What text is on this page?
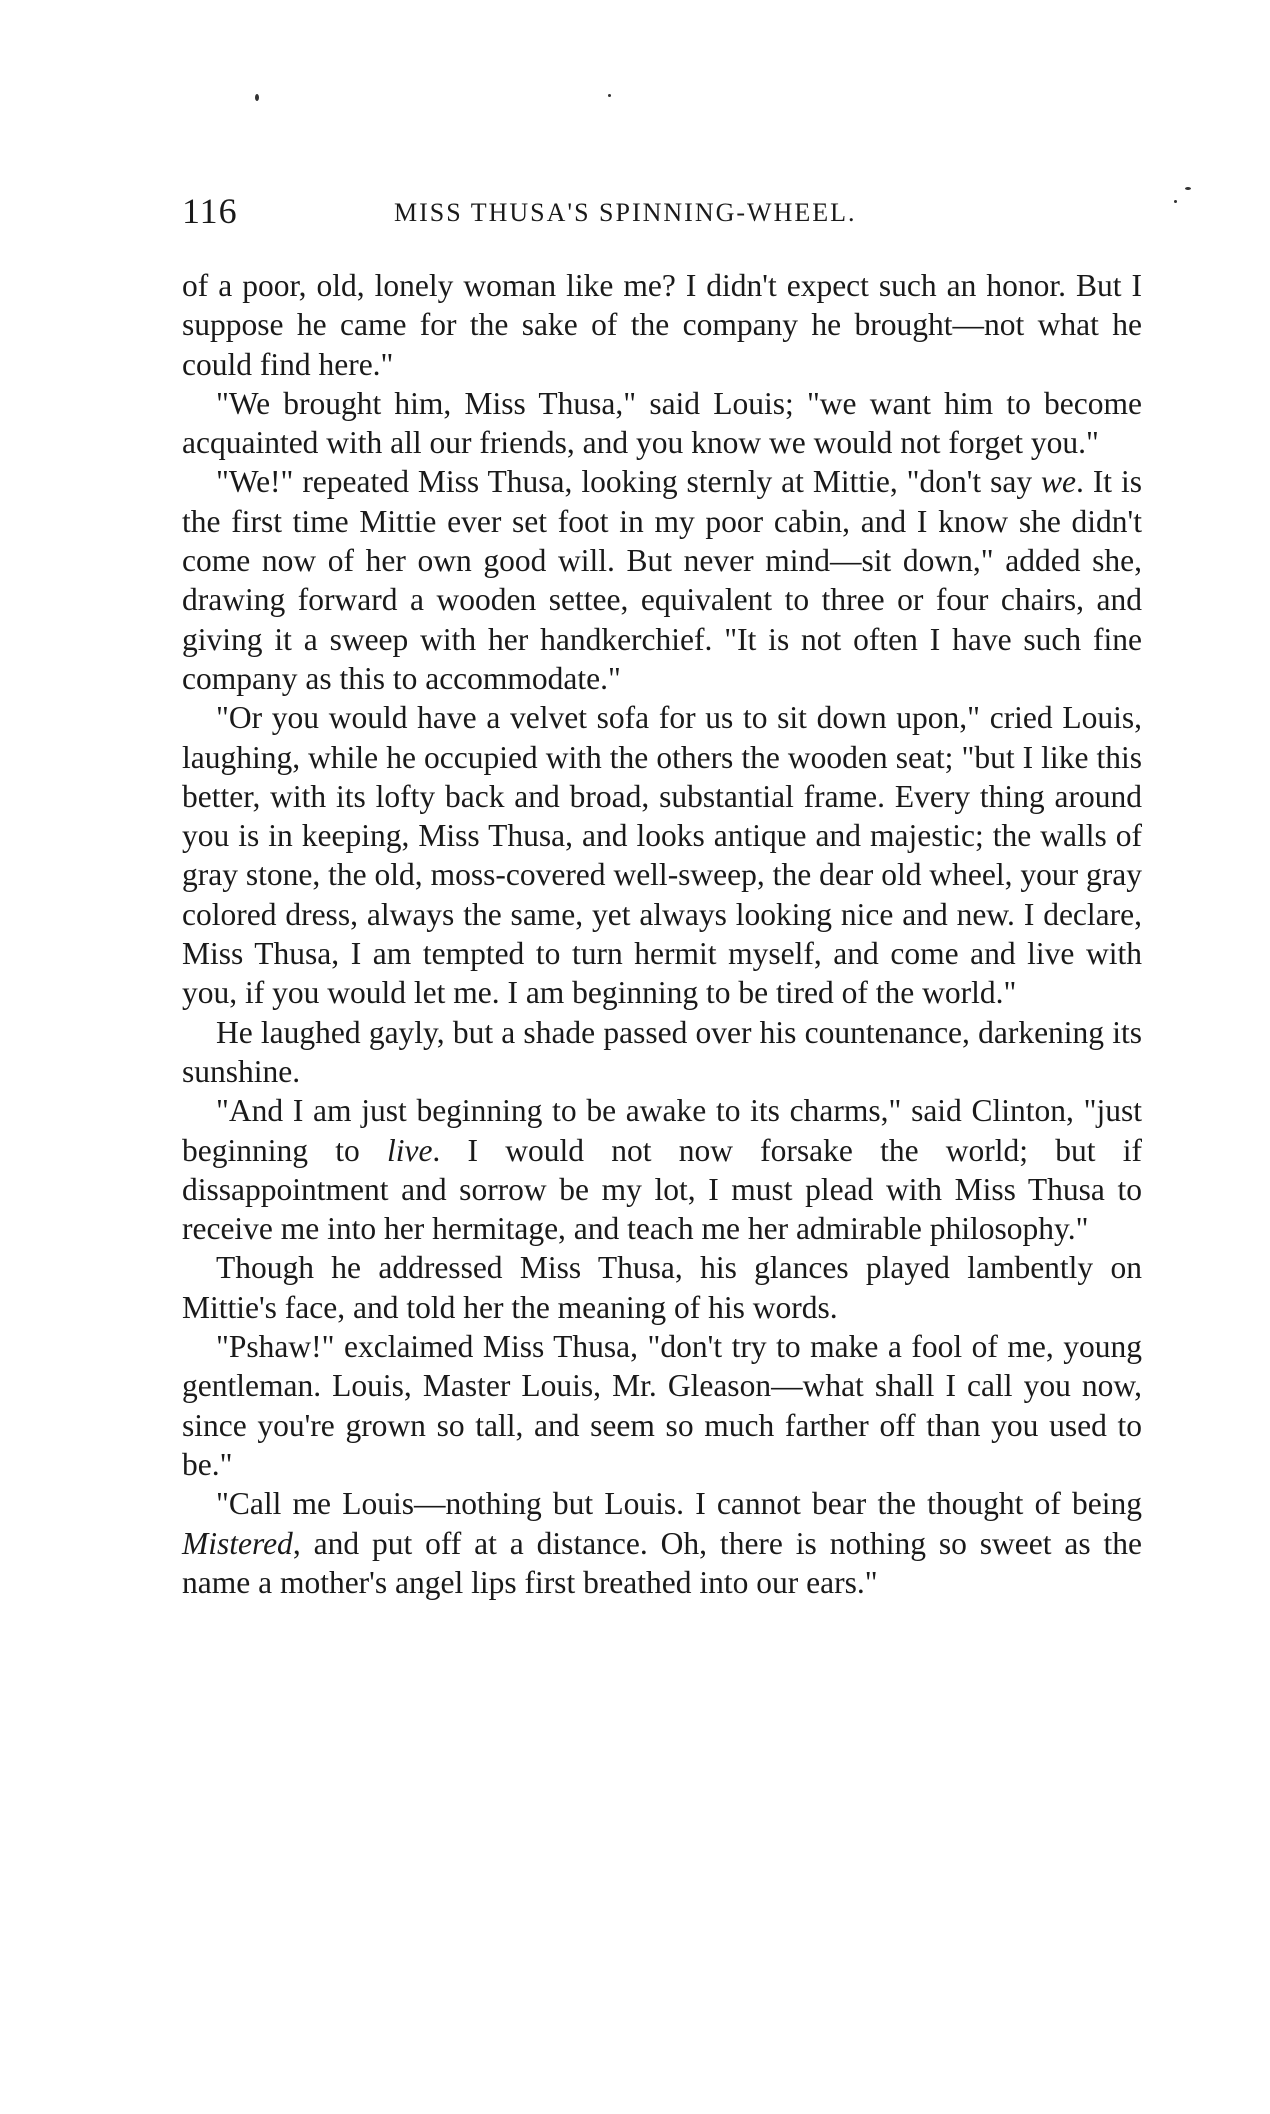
116	MISS THUSA'S SPINNING-WHEEL.

of a poor, old, lonely woman like me? I didn't expect such an honor. But I suppose he came for the sake of the company he brought—not what he could find here."

"We brought him, Miss Thusa," said Louis; "we want him to become acquainted with all our friends, and you know we would not forget you."

"We!" repeated Miss Thusa, looking sternly at Mittie, "don't say we. It is the first time Mittie ever set foot in my poor cabin, and I know she didn't come now of her own good will. But never mind—sit down," added she, drawing forward a wooden settee, equivalent to three or four chairs, and giving it a sweep with her handkerchief. "It is not often I have such fine company as this to accommodate."

"Or you would have a velvet sofa for us to sit down upon," cried Louis, laughing, while he occupied with the others the wooden seat; "but I like this better, with its lofty back and broad, substantial frame. Every thing around you is in keeping, Miss Thusa, and looks antique and majestic; the walls of gray stone, the old, moss-covered well-sweep, the dear old wheel, your gray colored dress, always the same, yet always looking nice and new. I declare, Miss Thusa, I am tempted to turn hermit myself, and come and live with you, if you would let me. I am beginning to be tired of the world."

He laughed gayly, but a shade passed over his countenance, darkening its sunshine.

"And I am just beginning to be awake to its charms," said Clinton, "just beginning to live. I would not now forsake the world; but if dissappointment and sorrow be my lot, I must plead with Miss Thusa to receive me into her hermitage, and teach me her admirable philosophy."

Though he addressed Miss Thusa, his glances played lambently on Mittie's face, and told her the meaning of his words.

"Pshaw!" exclaimed Miss Thusa, "don't try to make a fool of me, young gentleman. Louis, Master Louis, Mr. Gleason—what shall I call you now, since you're grown so tall, and seem so much farther off than you used to be."

"Call me Louis—nothing but Louis. I cannot bear the thought of being Mistered, and put off at a distance. Oh, there is nothing so sweet as the name a mother's angel lips first breathed into our ears."
